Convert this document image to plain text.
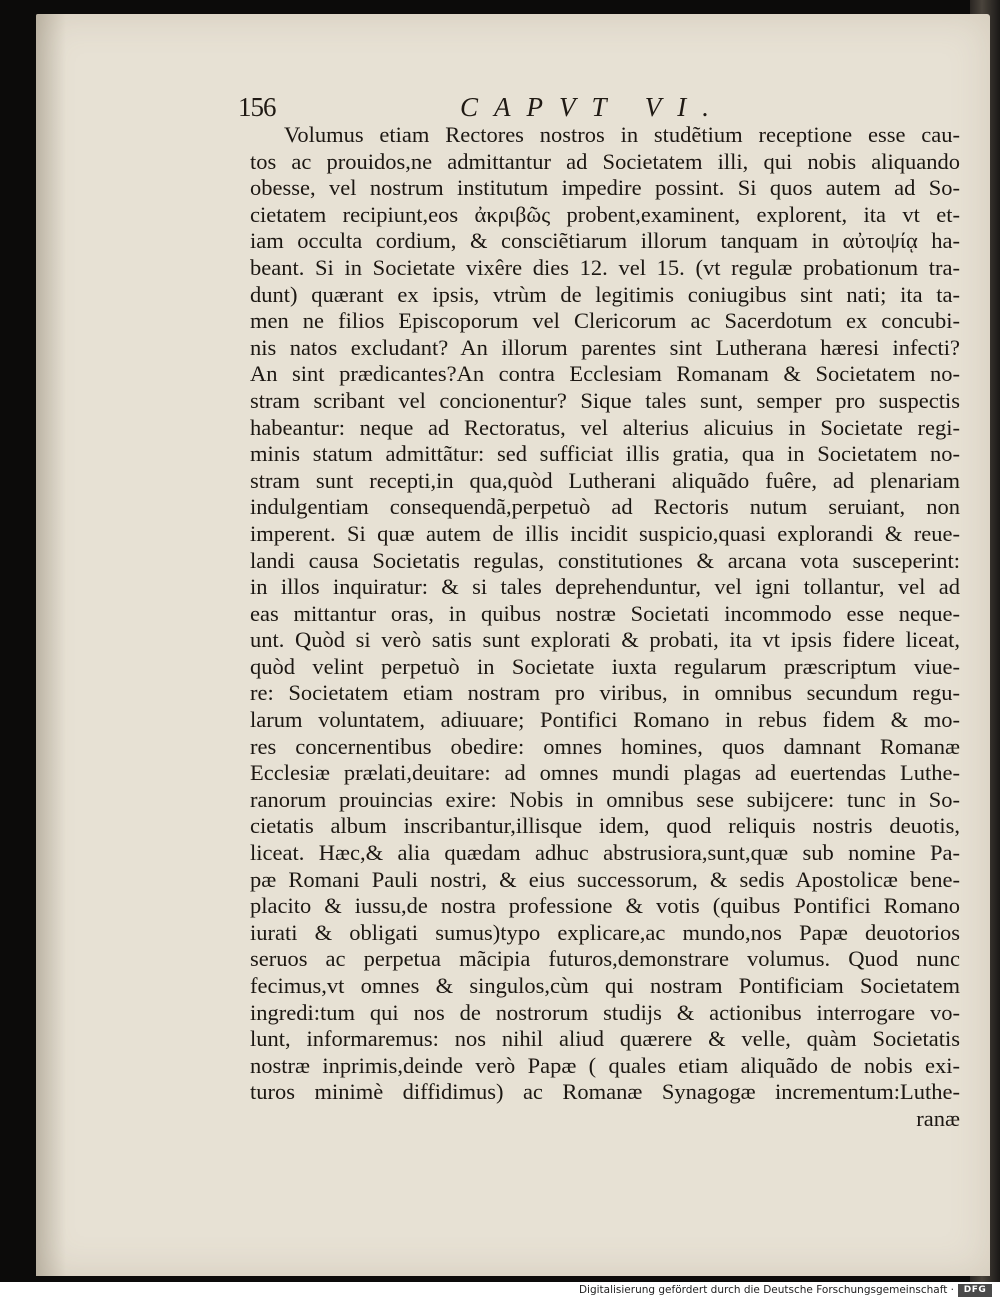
156	CAPVT VI.
Volumus etiam Rectores nostros in studẽtium receptione esse cau-
tos ac prouidos,ne admittantur ad Societatem illi, qui nobis aliquando
obesse, vel nostrum institutum impedire possint. Si quos autem ad So-
cietatem recipiunt,eos ἀκριβῶς probent,examinent, explorent, ita vt et-
iam occulta cordium, & consciẽtiarum illorum tanquam in αὐτοψίᾳ ha-
beant. Si in Societate vixêre dies 12. vel 15. (vt regulæ probationum tra-
dunt) quærant ex ipsis, vtrùm de legitimis coniugibus sint nati; ita ta-
men ne filios Episcoporum vel Clericorum ac Sacerdotum ex concubi-
nis natos excludant? An illorum parentes sint Lutherana hæresi infecti?
An sint prædicantes?An contra Ecclesiam Romanam & Societatem no-
stram scribant vel concionentur? Sique tales sunt, semper pro suspectis
habeantur: neque ad Rectoratus, vel alterius alicuius in Societate regi-
minis statum admittãtur: sed sufficiat illis gratia, qua in Societatem no-
stram sunt recepti,in qua,quòd Lutherani aliquãdo fuêre, ad plenariam
indulgentiam consequendã,perpetuò ad Rectoris nutum seruiant, non
imperent. Si quæ autem de illis incidit suspicio,quasi explorandi & reue-
landi causa Societatis regulas, constitutiones & arcana vota susceperint:
in illos inquiratur: & si tales deprehenduntur, vel igni tollantur, vel ad
eas mittantur oras, in quibus nostræ Societati incommodo esse neque-
unt. Quòd si verò satis sunt explorati & probati, ita vt ipsis fidere liceat,
quòd velint perpetuò in Societate iuxta regularum præscriptum viue-
re: Societatem etiam nostram pro viribus, in omnibus secundum regu-
larum voluntatem, adiuuare; Pontifici Romano in rebus fidem & mo-
res concernentibus obedire: omnes homines, quos damnant Romanæ
Ecclesiæ prælati,deuitare: ad omnes mundi plagas ad euertendas Luthe-
ranorum prouincias exire: Nobis in omnibus sese subijcere: tunc in So-
cietatis album inscribantur,illisque idem, quod reliquis nostris deuotis,
liceat. Hæc,& alia quædam adhuc abstrusiora,sunt,quæ sub nomine Pa-
pæ Romani Pauli nostri, & eius successorum, & sedis Apostolicæ bene-
placito & iussu,de nostra professione & votis (quibus Pontifici Romano
iurati & obligati sumus)typo explicare,ac mundo,nos Papæ deuotorios
seruos ac perpetua mãcipia futuros,demonstrare volumus. Quod nunc
fecimus,vt omnes & singulos,cùm qui nostram Pontificiam Societatem
ingredi:tum qui nos de nostrorum studijs & actionibus interrogare vo-
lunt, informaremus: nos nihil aliud quærere & velle, quàm Societatis
nostræ inprimis,deinde verò Papæ ( quales etiam aliquãdo de nobis exi-
turos minimè diffidimus) ac Romanæ Synagogæ incrementum:Luthe-
ranæ
Digitalisierung gefördert durch die Deutsche Forschungsgemeinschaft ·	DFG
